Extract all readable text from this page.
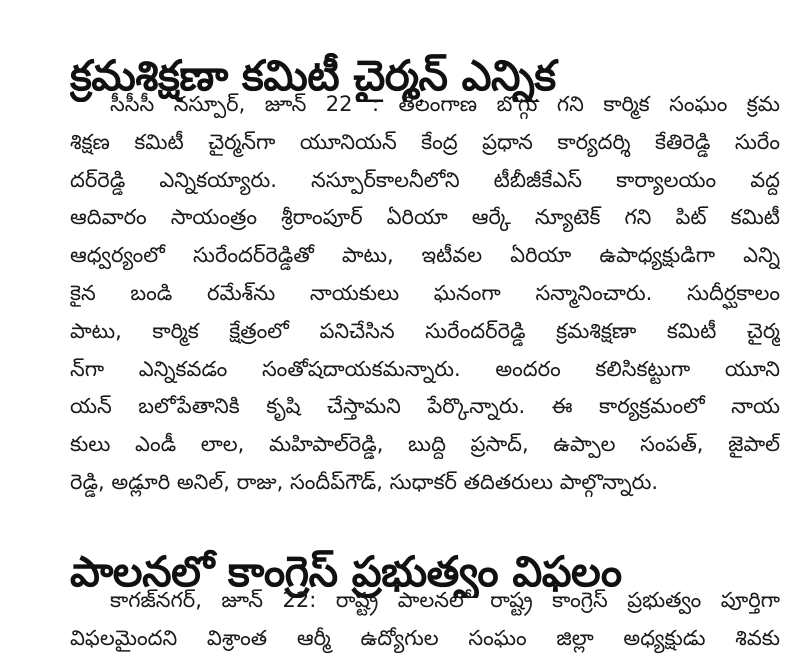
క్రమశిక్షణా కమిటీ చైర్మన్ ఎన్నిక
సీసీసీ నస్పూర్, జూన్ 22 : తెలంగాణ బొగ్గు గని కార్మిక సంఘం క్రమ
శిక్షణ కమిటీ చైర్మన్‌గా యూనియన్ కేంద్ర ప్రధాన కార్యదర్శి కేతిరెడ్డి సురేం
దర్‌రెడ్డి ఎన్నికయ్యారు. నస్పూర్‌కాలనీలోని టీబీజీకేఎస్ కార్యాలయం వద్ద
ఆదివారం సాయంత్రం శ్రీరాంపూర్ ఏరియా ఆర్కే న్యూటెక్ గని పిట్ కమిటీ
ఆధ్వర్యంలో సురేందర్‌రెడ్డితో పాటు, ఇటీవల ఏరియా ఉపాధ్యక్షుడిగా ఎన్ని
కైన బండి రమేశ్‌ను నాయకులు ఘనంగా సన్మానించారు. సుదీర్ఘకాలం
పాటు, కార్మిక క్షేత్రంలో పనిచేసిన సురేందర్‌రెడ్డి క్రమశిక్షణా కమిటీ చైర్మ
న్‌గా ఎన్నికవడం సంతోషదాయకమన్నారు. అందరం కలిసికట్టుగా యూని
యన్ బలోపేతానికి కృషి చేస్తామని పేర్కొన్నారు. ఈ కార్యక్రమంలో నాయ
కులు ఎండీ లాల, మహిపాల్‌రెడ్డి, బుద్ది ప్రసాద్, ఉప్పాల సంపత్, జైపాల్
రెడ్డి, అడ్లూరి అనిల్, రాజు, సందీప్‌గౌడ్, సుధాకర్ తదితరులు పాల్గొన్నారు.
పాలనలో కాంగ్రెస్ ప్రభుత్వం విఫలం
కాగజ్‌నగర్, జూన్ 22: రాష్ట్ర పాలనలో రాష్ట్ర కాంగ్రెస్ ప్రభుత్వం పూర్తిగా
విఫలమైందని విశ్రాంత ఆర్మీ ఉద్యోగుల సంఘం జిల్లా అధ్యక్షుడు శివకు
